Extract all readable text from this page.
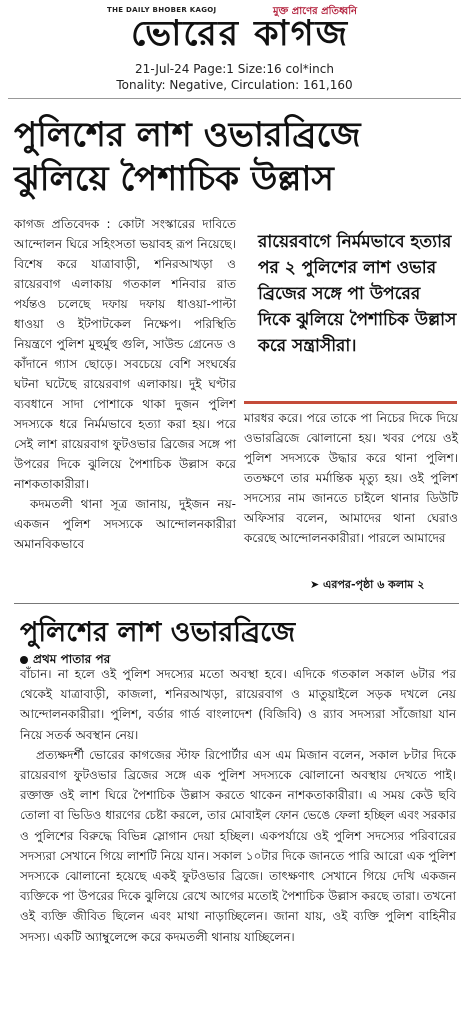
THE DAILY BHOBER KAGOJ	মুক্ত প্রাণের প্রতিধ্বনি
ভোরের কাগজ
21-Jul-24 Page:1 Size:16 col*inch
Tonality: Negative, Circulation: 161,160
পুলিশের লাশ ওভারব্রিজে ঝুলিয়ে পৈশাচিক উল্লাস

কাগজ প্রতিবেদক : কোটা সংস্কারের দাবিতে আন্দোলন ঘিরে সহিংসতা ভয়াবহ রূপ নিয়েছে। বিশেষ করে যাত্রাবাড়ী, শনিরআখড়া ও রায়েরবাগ এলাকায় গতকাল শনিবার রাত পর্যন্তও চলেছে দফায় দফায় ধাওয়া-পাল্টা ধাওয়া ও ইটপাটকেল নিক্ষেপ। পরিস্থিতি নিয়ন্ত্রণে পুলিশ মুহুর্মুহু গুলি, সাউন্ড গ্রেনেড ও কাঁদানে গ্যাস ছোড়ে। সবচেয়ে বেশি সংঘর্ষের ঘটনা ঘটেছে রায়েরবাগ এলাকায়। দুই ঘণ্টার ব্যবধানে সাদা পোশাকে থাকা দুজন পুলিশ সদস্যকে ধরে নির্মমভাবে হত্যা করা হয়। পরে সেই লাশ রায়েরবাগ ফুটওভার ব্রিজের সঙ্গে পা উপরের দিকে ঝুলিয়ে পৈশাচিক উল্লাস করে নাশকতাকারীরা।

কদমতলী থানা সূত্র জানায়, দুইজন নয়- একজন পুলিশ সদস্যকে আন্দোলনকারীরা অমানবিকভাবে

রায়েরবাগে নির্মমভাবে হত্যার পর ২ পুলিশের লাশ ওভার ব্রিজের সঙ্গে পা উপরের দিকে ঝুলিয়ে পৈশাচিক উল্লাস করে সন্ত্রাসীরা।
মারধর করে। পরে তাকে পা নিচের দিকে দিয়ে ওভারব্রিজে ঝোলানো হয়। খবর পেয়ে ওই পুলিশ সদস্যকে উদ্ধার করে থানা পুলিশ। ততক্ষণে তার মর্মান্তিক মৃত্যু হয়। ওই পুলিশ সদস্যের নাম জানতে চাইলে থানার ডিউটি অফিসার বলেন, আমাদের থানা ঘেরাও করেছে আন্দোলনকারীরা। পারলে আমাদের
➤ এরপর-পৃষ্ঠা ৬ কলাম ২
পুলিশের লাশ ওভারব্রিজে
প্রথম পাতার পর

বাঁচান। না হলে ওই পুলিশ সদস্যের মতো অবস্থা হবে। এদিকে গতকাল সকাল ৬টার পর থেকেই যাত্রাবাড়ী, কাজলা, শনিরআখড়া, রায়েরবাগ ও মাতুয়াইলে সড়ক দখলে নেয় আন্দোলনকারীরা। পুলিশ, বর্ডার গার্ড বাংলাদেশ (বিজিবি) ও র‌্যাব সদস্যরা সাঁজোয়া যান নিয়ে সতর্ক অবস্থান নেয়।

প্রত্যক্ষদর্শী ভোরের কাগজের স্টাফ রিপোর্টার এস এম মিজান বলেন, সকাল ৮টার দিকে রায়েরবাগ ফুটওভার ব্রিজের সঙ্গে এক পুলিশ সদস্যকে ঝোলানো অবস্থায় দেখতে পাই। রক্তাক্ত ওই লাশ ঘিরে পৈশাচিক উল্লাস করতে থাকেন নাশকতাকারীরা। এ সময় কেউ ছবি তোলা বা ভিডিও ধারণের চেষ্টা করলে, তার মোবাইল ফোন ভেঙে ফেলা হচ্ছিল এবং সরকার ও পুলিশের বিরুদ্ধে বিভিন্ন স্লোগান দেয়া হচ্ছিল। একপর্যায়ে ওই পুলিশ সদস্যের পরিবারের সদস্যরা সেখানে গিয়ে লাশটি নিয়ে যান। সকাল ১০টার দিকে জানতে পারি আরো এক পুলিশ সদস্যকে ঝোলানো হয়েছে একই ফুটওভার ব্রিজে। তাৎক্ষণাৎ সেখানে গিয়ে দেখি একজন ব্যক্তিকে পা উপরের দিকে ঝুলিয়ে রেখে আগের মতোই পৈশাচিক উল্লাস করছে তারা। তখনো ওই ব্যক্তি জীবিত ছিলেন এবং মাথা নাড়াচ্ছিলেন। জানা যায়, ওই ব্যক্তি পুলিশ বাহিনীর সদস্য। একটি অ্যাম্বুলেন্সে করে কদমতলী থানায় যাচ্ছিলেন।
